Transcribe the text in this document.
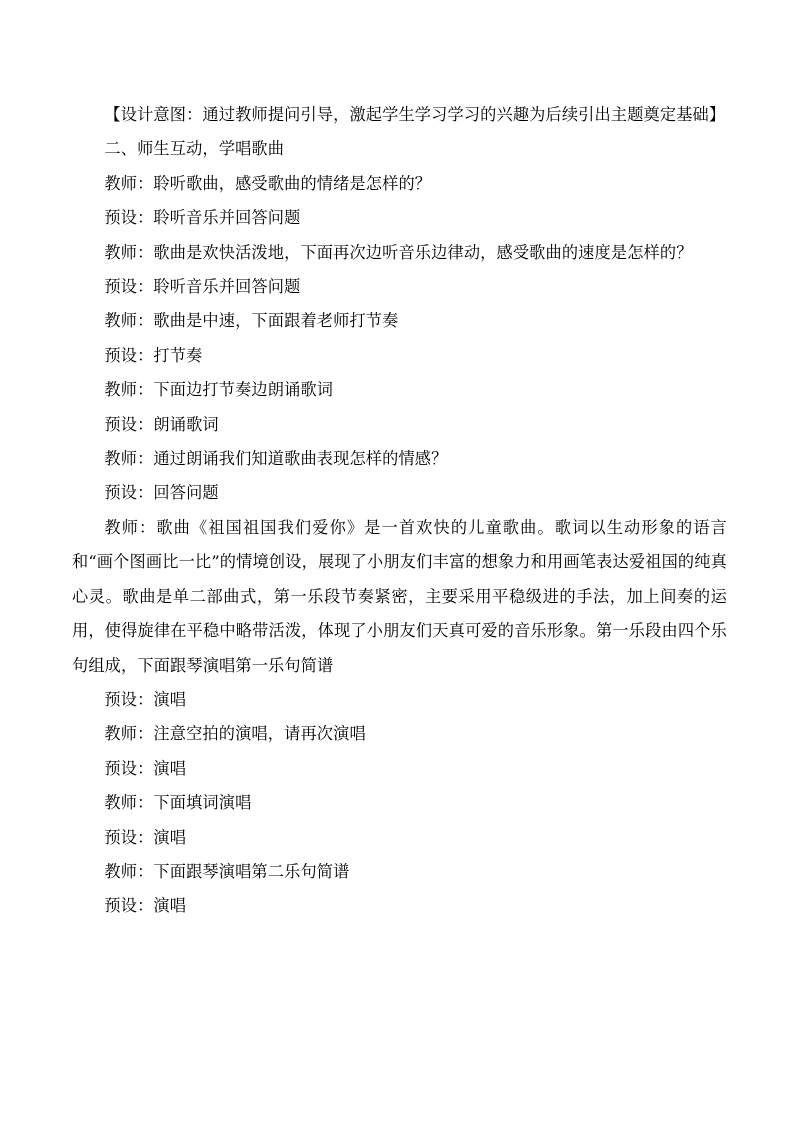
【设计意图：通过教师提问引导，激起学生学习学习的兴趣为后续引出主题奠定基础】

二、师生互动，学唱歌曲

教师：聆听歌曲，感受歌曲的情绪是怎样的？

预设：聆听音乐并回答问题

教师：歌曲是欢快活泼地，下面再次边听音乐边律动，感受歌曲的速度是怎样的？

预设：聆听音乐并回答问题

教师：歌曲是中速，下面跟着老师打节奏

预设：打节奏

教师：下面边打节奏边朗诵歌词

预设：朗诵歌词

教师：通过朗诵我们知道歌曲表现怎样的情感？

预设：回答问题

教师：歌曲《祖国祖国我们爱你》是一首欢快的儿童歌曲。歌词以生动形象的语言和“画个图画比一比”的情境创设，展现了小朋友们丰富的想象力和用画笔表达爱祖国的纯真心灵。歌曲是单二部曲式，第一乐段节奏紧密，主要采用平稳级进的手法，加上间奏的运用，使得旋律在平稳中略带活泼，体现了小朋友们天真可爱的音乐形象。第一乐段由四个乐句组成，下面跟琴演唱第一乐句简谱

预设：演唱

教师：注意空拍的演唱，请再次演唱

预设：演唱

教师：下面填词演唱

预设：演唱

教师：下面跟琴演唱第二乐句简谱

预设：演唱
